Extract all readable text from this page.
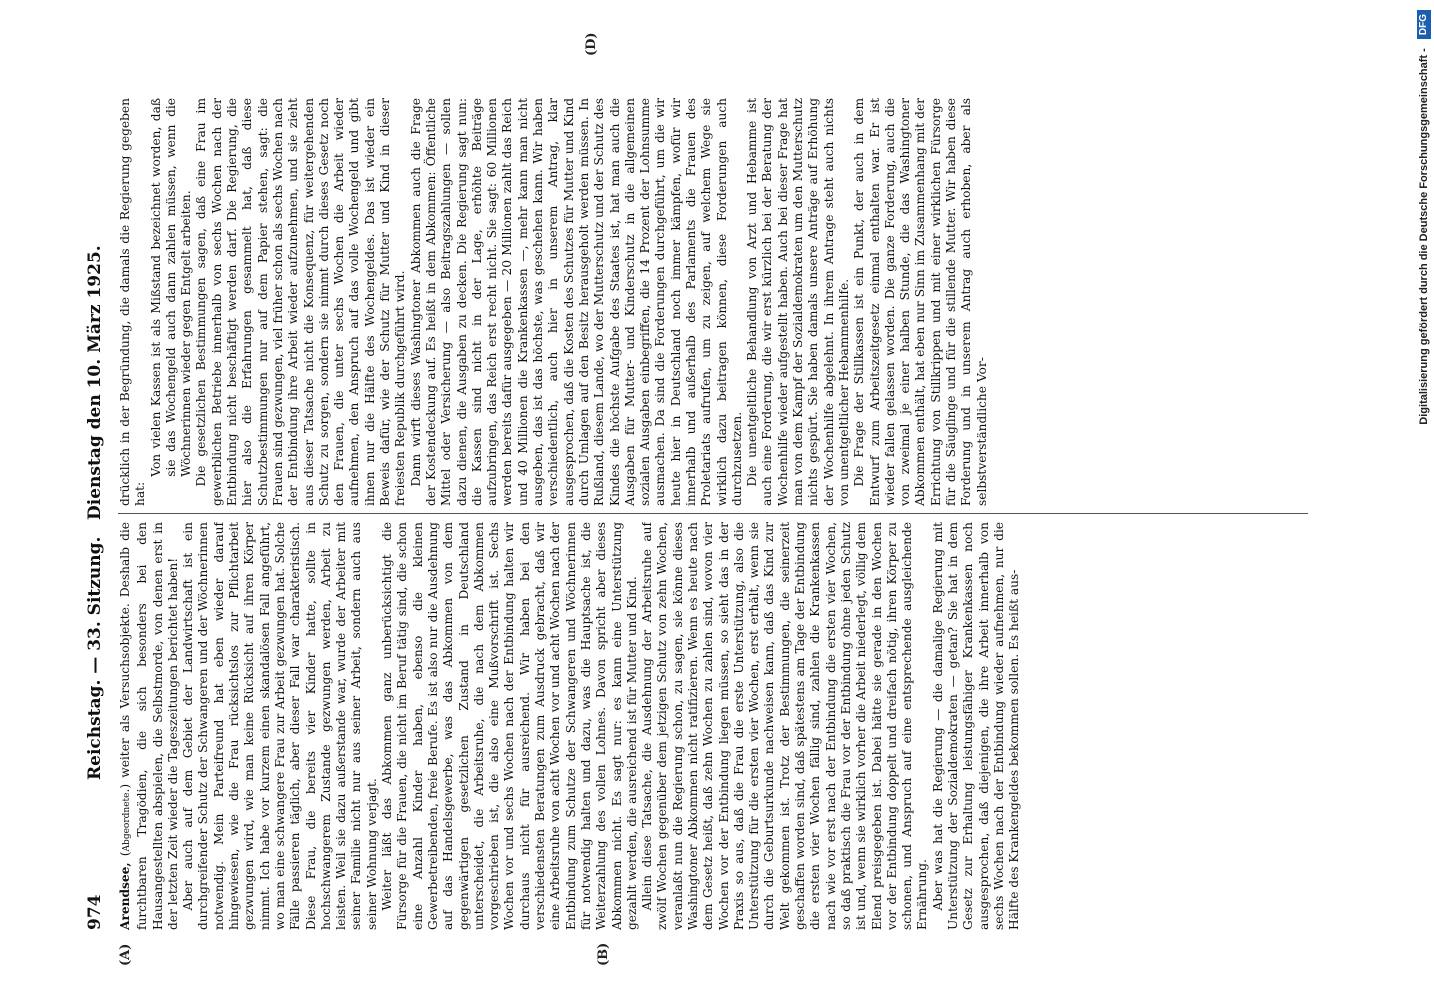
974
Reichstag. — 33. Sitzung.
Dienstag den 10. März 1925.
(A)	(B)
(D)

Arendsee, (Abgeordnete.) weiter als Versuchsobjekte. Deshalb die furchtbaren Tragödien, die sich besonders bei den Hausangestellten abspielen, die Selbstmorde, von denen erst in der letzten Zeit wieder die Tageszeitungen berichtet haben! Aber auch auf dem Gebiet der Landwirtschaft ist ein durchgreifender Schutz der Schwangeren und der Wöchnerinnen notwendig. Mein Parteifreund hat eben wieder darauf hingewiesen, wie die Frau rücksichtslos zur Pflichtarbeit gezwungen wird, wie man keine Rücksicht auf ihren Körper nimmt. Ich habe vor kurzem einen skandalösen Fall angeführt, wo man eine schwangere Frau zur Arbeit gezwungen hat. Solche Fälle passieren täglich, aber dieser Fall war charakteristisch. Diese Frau, die bereits vier Kinder hatte, sollte in hochschwangerem Zustande gezwungen werden, Arbeit zu leisten. Weil sie dazu außerstande war, wurde der Arbeiter mit seiner Familie nicht nur aus seiner Arbeit, sondern auch aus seiner Wohnung verjagt. Weiter läßt das Abkommen ganz unberücksichtigt die Fürsorge für die Frauen, die nicht im Beruf tätig sind, die schon eine Anzahl Kinder haben, ebenso die kleinen Gewerbetreibenden, freie Berufe. Es ist also nur die Ausdehnung auf das Handelsgewerbe, was das Abkommen von dem gegenwärtigen gesetzlichen Zustand in Deutschland unterscheidet, die Arbeitsruhe, die nach dem Abkommen vorgeschrieben ist, die also eine Mußvorschrift ist. Sechs Wochen vor und sechs Wochen nach der Entbindung halten wir durchaus nicht für ausreichend. Wir haben bei den verschiedensten Beratungen zum Ausdruck gebracht, daß wir eine Arbeitsruhe von acht Wochen vor und acht Wochen nach der Entbindung zum Schutze der Schwangeren und Wöchnerinnen für notwendig halten und dazu, was die Hauptsache ist, die Weiterzahlung des vollen Lohnes. Davon spricht aber dieses Abkommen nicht. Es sagt nur: es kann eine Unterstützung gezahlt werden, die ausreichend ist für Mutter und Kind. Allein diese Tatsache, die Ausdehnung der Arbeitsruhe auf zwölf Wochen gegenüber dem jetzigen Schutz von zehn Wochen, veranlaßt nun die Regierung schon, zu sagen, sie könne dieses Washingtoner Abkommen nicht ratifizieren. Wenn es heute nach dem Gesetz heißt, daß zehn Wochen zu zahlen sind, wovon vier Wochen vor der Entbindung liegen müssen, so sieht das in der Praxis so aus, daß die Frau die erste Unterstützung, also die Unterstützung für die ersten vier Wochen, erst erhält, wenn sie durch die Geburtsurkunde nachweisen kann, daß das Kind zur Welt gekommen ist. Trotz der Bestimmungen, die seinerzeit geschaffen worden sind, daß spätestens am Tage der Entbindung die ersten vier Wochen fällig sind, zahlen die Krankenkassen nach wie vor erst nach der Entbindung die ersten vier Wochen, so daß praktisch die Frau vor der Entbindung ohne jeden Schutz ist und, wenn sie wirklich vorher die Arbeit niederlegt, völlig dem Elend preisgegeben ist. Dabei hätte sie gerade in den Wochen vor der Entbindung doppelt und dreifach nötig, ihren Körper zu schonen, und Anspruch auf eine entsprechende ausgleichende Ernährung. Aber was hat die Regierung — die damalige Regierung mit Unterstützung der Sozialdemokraten — getan? Sie hat in dem Gesetz zur Erhaltung leistungsfähiger Krankenkassen noch ausgesprochen, daß diejenigen, die ihre Arbeit innerhalb von sechs Wochen nach der Entbindung wieder aufnehmen, nur die Hälfte des Krankengeldes bekommen sollen. Es heißt aus-

drücklich in der Begründung, die damals die Regierung gegeben hat:

Von vielen Kassen ist als Mißstand bezeichnet worden, daß sie das Wochengeld auch dann zahlen müssen, wenn die Wöchnerinnen wieder gegen Entgelt arbeiten. Die gesetzlichen Bestimmungen sagen, daß eine Frau im gewerblichen Betriebe innerhalb von sechs Wochen nach der Entbindung nicht beschäftigt werden darf. Die Regierung, die hier also die Erfahrungen gesammelt hat, daß diese Schutzbestimmungen nur auf dem Papier stehen, sagt: die Frauen sind gezwungen, viel früher schon als sechs Wochen nach der Entbindung ihre Arbeit wieder aufzunehmen, und sie zieht aus dieser Tatsache nicht die Konsequenz, für weitergehenden Schutz zu sorgen, sondern sie nimmt durch dieses Gesetz noch den Frauen, die unter sechs Wochen die Arbeit wieder aufnehmen, den Anspruch auf das volle Wochengeld und gibt ihnen nur die Hälfte des Wochengeldes. Das ist wieder ein Beweis dafür, wie der Schutz für Mutter und Kind in dieser freiesten Republik durchgeführt wird. Dann wirft dieses Washingtoner Abkommen auch die Frage der Kostendeckung auf. Es heißt in dem Abkommen: Öffentliche Mittel oder Versicherung — also Beitragszahlungen — sollen dazu dienen, die Ausgaben zu decken. Die Regierung sagt nun: die Kassen sind nicht in der Lage, erhöhte Beiträge aufzubringen, das Reich erst recht nicht. Sie sagt: 60 Millionen werden bereits dafür ausgegeben — 20 Millionen zahlt das Reich und 40 Millionen die Krankenkassen —, mehr kann man nicht ausgeben, das ist das höchste, was geschehen kann. Wir haben verschiedentlich, auch hier in unserem Antrag, klar ausgesprochen, daß die Kosten des Schutzes für Mutter und Kind durch Umlagen auf den Besitz herausgeholt werden müssen. In Rußland, diesem Lande, wo der Mutterschutz und der Schutz des Kindes die höchste Aufgabe des Staates ist, hat man auch die Ausgaben für Mutter- und Kinderschutz in die allgemeinen sozialen Ausgaben einbegriffen, die 14 Prozent der Lohnsumme ausmachen. Da sind die Forderungen durchgeführt, um die wir heute hier in Deutschland noch immer kämpfen, wofür wir innerhalb und außerhalb des Parlaments die Frauen des Proletariats aufrufen, um zu zeigen, auf welchem Wege sie wirklich dazu beitragen können, diese Forderungen auch durchzusetzen. Die unentgeltliche Behandlung von Arzt und Hebamme ist auch eine Forderung, die wir erst kürzlich bei der Beratung der Wochenhilfe wieder aufgestellt haben. Auch bei dieser Frage hat man von dem Kampf der Sozialdemokraten um den Mutterschutz nichts gespürt. Sie haben damals unsere Anträge auf Erhöhung der Wochenhilfe abgelehnt. In ihrem Antrage steht auch nichts von unentgeltlicher Hebammenhilfe. Die Frage der Stillkassen ist ein Punkt, der auch in dem Entwurf zum Arbeitszeitgesetz einmal enthalten war. Er ist wieder fallen gelassen worden. Die ganze Forderung, auch die von zweimal je einer halben Stunde, die das Washingtoner Abkommen enthält, hat eben nur Sinn im Zusammenhang mit der Errichtung von Stillkrippen und mit einer wirklichen Fürsorge für die Säuglinge und für die stillende Mutter. Wir haben diese Forderung und in unserem Antrag auch erhoben, aber als selbstverständliche Vor-

Digitalisierung gefördert durch die Deutsche Forschungsgemeinschaft - DFG
